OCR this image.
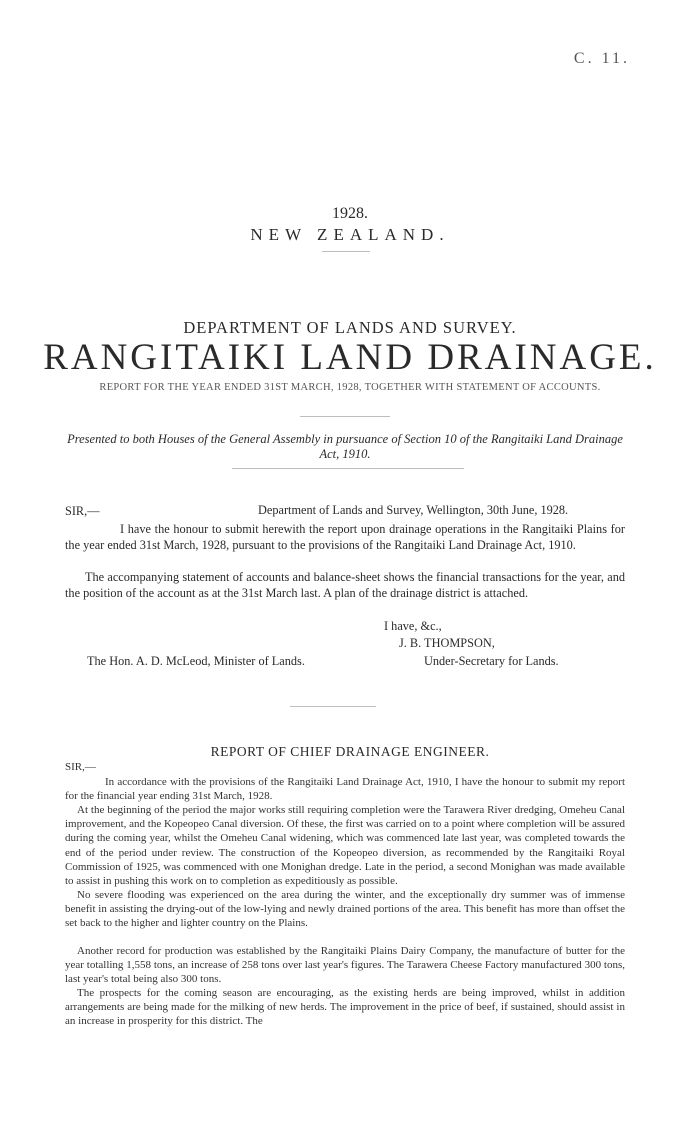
C. 11.
1928.
NEW ZEALAND.
DEPARTMENT OF LANDS AND SURVEY.
RANGITAIKI LAND DRAINAGE.
REPORT FOR THE YEAR ENDED 31ST MARCH, 1928, TOGETHER WITH STATEMENT OF ACCOUNTS.
Presented to both Houses of the General Assembly in pursuance of Section 10 of the Rangitaiki Land Drainage Act, 1910.
SIR,—	Department of Lands and Survey, Wellington, 30th June, 1928.

I have the honour to submit herewith the report upon drainage operations in the Rangitaiki Plains for the year ended 31st March, 1928, pursuant to the provisions of the Rangitaiki Land Drainage Act, 1910.

The accompanying statement of accounts and balance-sheet shows the financial transactions for the year, and the position of the account as at the 31st March last. A plan of the drainage district is attached.

I have, &c.,
J. B. THOMPSON,
The Hon. A. D. McLeod, Minister of Lands.	Under-Secretary for Lands.
REPORT OF CHIEF DRAINAGE ENGINEER.
SIR,—

In accordance with the provisions of the Rangitaiki Land Drainage Act, 1910, I have the honour to submit my report for the financial year ending 31st March, 1928.

At the beginning of the period the major works still requiring completion were the Tarawera River dredging, Omeheu Canal improvement, and the Kopeopeo Canal diversion. Of these, the first was carried on to a point where completion will be assured during the coming year, whilst the Omeheu Canal widening, which was commenced late last year, was completed towards the end of the period under review. The construction of the Kopeopeo diversion, as recommended by the Rangitaiki Royal Commission of 1925, was commenced with one Monighan dredge. Late in the period, a second Monighan was made available to assist in pushing this work on to completion as expeditiously as possible.

No severe flooding was experienced on the area during the winter, and the exceptionally dry summer was of immense benefit in assisting the drying-out of the low-lying and newly drained portions of the area. This benefit has more than offset the set back to the higher and lighter country on the Plains.

Another record for production was established by the Rangitaiki Plains Dairy Company, the manufacture of butter for the year totalling 1,558 tons, an increase of 258 tons over last year's figures. The Tarawera Cheese Factory manufactured 300 tons, last year's total being also 300 tons.

The prospects for the coming season are encouraging, as the existing herds are being improved, whilst in addition arrangements are being made for the milking of new herds. The improvement in the price of beef, if sustained, should assist in an increase in prosperity for this district. The
